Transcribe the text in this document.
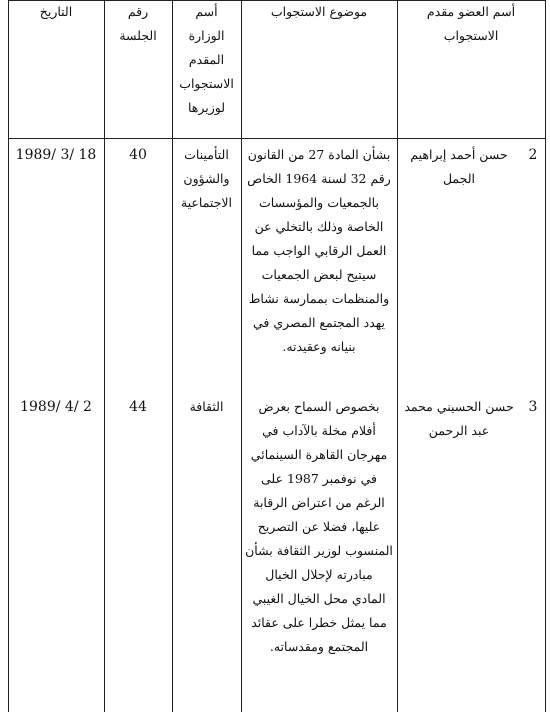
أسم العضو مقدم
الاستجواب
موضوع الاستجواب
أسم
الوزارة
المقدم
الاستجواب
لوزيرها
رقم
الجلسة
التاريخ
2
حسن أحمد إبراهيم
الجمل
بشأن المادة 27 من القانون
رقم 32 لسنة 1964 الخاص
بالجمعيات والمؤسسات
الخاصة وذلك بالتخلي عن
العمل الرقابي الواجب مما
سيتيح لبعض الجمعيات
والمنظمات بممارسة نشاط
يهدد المجتمع المصري في
بنيانه وعقيدته.
التأمينات
والشؤون
الاجتماعية
40
1989/ 3/ 18
3
حسن الحسيني محمد
عبد الرحمن
بخصوص السماح بعرض
أفلام مخلة بالآداب في
مهرجان القاهرة السينمائي
في نوفمبر 1987 على
الرغم من اعتراض الرقابة
عليها، فضلا عن التصريح
المنسوب لوزير الثقافة بشأن
مبادرته لإحلال الخيال
المادي محل الخيال الغيبي
مما يمثل خطرا على عقائد
المجتمع ومقدساته.
الثقافة
44
1989/ 4/ 2
